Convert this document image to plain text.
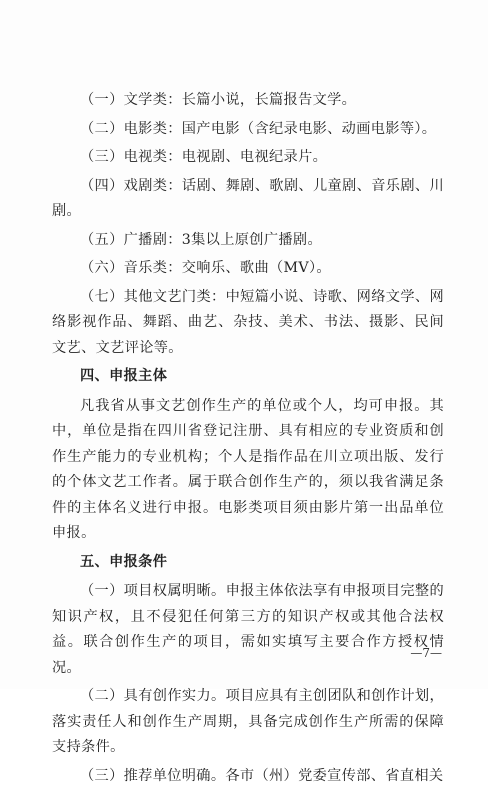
（一）文学类：长篇小说，长篇报告文学。

（二）电影类：国产电影（含纪录电影、动画电影等）。

（三）电视类：电视剧、电视纪录片。

（四）戏剧类：话剧、舞剧、歌剧、儿童剧、音乐剧、川剧。

（五）广播剧：3集以上原创广播剧。

（六）音乐类：交响乐、歌曲（MV）。

（七）其他文艺门类：中短篇小说、诗歌、网络文学、网络影视作品、舞蹈、曲艺、杂技、美术、书法、摄影、民间文艺、文艺评论等。

四、申报主体

凡我省从事文艺创作生产的单位或个人，均可申报。其中，单位是指在四川省登记注册、具有相应的专业资质和创作生产能力的专业机构；个人是指作品在川立项出版、发行的个体文艺工作者。属于联合创作生产的，须以我省满足条件的主体名义进行申报。电影类项目须由影片第一出品单位申报。

五、申报条件

（一）项目权属明晰。申报主体依法享有申报项目完整的知识产权，且不侵犯任何第三方的知识产权或其他合法权益。联合创作生产的项目，需如实填写主要合作方授权情况。

（二）具有创作实力。项目应具有主创团队和创作计划，落实责任人和创作生产周期，具备完成创作生产所需的保障支持条件。

（三）推荐单位明确。各市（州）党委宣传部、省直相关

—7—
